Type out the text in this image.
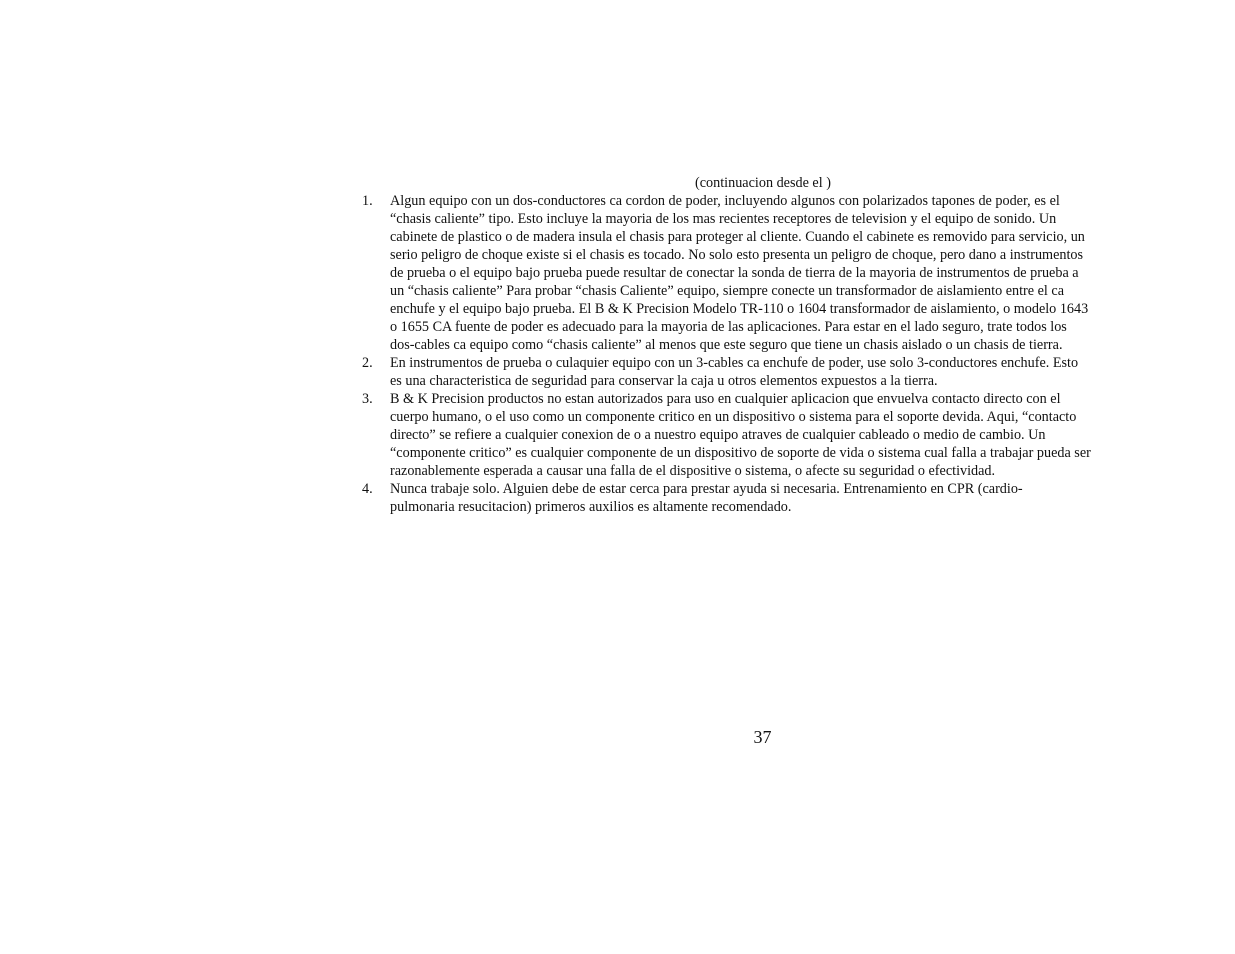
(continuacion desde el )
1.	Algun equipo con un dos-conductores ca cordon de poder, incluyendo algunos con polarizados tapones de poder, es el
“chasis caliente” tipo. Esto incluye la mayoria de los mas recientes receptores de television y el equipo de sonido. Un
cabinete de plastico o de madera insula el chasis para proteger al cliente. Cuando el cabinete es removido para servicio, un
serio peligro de choque existe si el chasis es tocado. No solo esto presenta un peligro de choque, pero dano a instrumentos
de prueba o el equipo bajo prueba puede resultar de conectar la sonda de tierra de la mayoria de instrumentos de prueba a
un “chasis caliente” Para probar “chasis Caliente” equipo, siempre conecte un transformador de aislamiento entre el ca
enchufe y el equipo bajo prueba. El B & K Precision Modelo TR-110 o 1604 transformador de aislamiento, o modelo 1643
o 1655 CA fuente de poder es adecuado para la mayoria de las aplicaciones. Para estar en el lado seguro, trate todos los
dos-cables ca equipo como “chasis caliente” al menos que este seguro que tiene un chasis aislado o un chasis de tierra.
2.	En instrumentos de prueba o culaquier equipo con un 3-cables ca enchufe de poder, use solo 3-conductores enchufe. Esto
es una characteristica de seguridad para conservar la caja u otros elementos expuestos a la tierra.
3.	B & K Precision productos no estan autorizados para uso en cualquier aplicacion que envuelva contacto directo con el
cuerpo humano, o el uso como un componente critico en un dispositivo o sistema para el soporte devida. Aqui, “contacto
directo” se refiere a cualquier conexion de o a nuestro equipo atraves de cualquier cableado o medio de cambio. Un
“componente critico” es cualquier componente de un dispositivo de soporte de vida o sistema cual falla a trabajar pueda ser
razonablemente esperada a causar una falla de el dispositive o sistema, o afecte su seguridad o efectividad.
4.	Nunca trabaje solo. Alguien debe de estar cerca para prestar ayuda si necesaria. Entrenamiento en CPR (cardio-
pulmonaria resucitacion) primeros auxilios es altamente recomendado.
37
